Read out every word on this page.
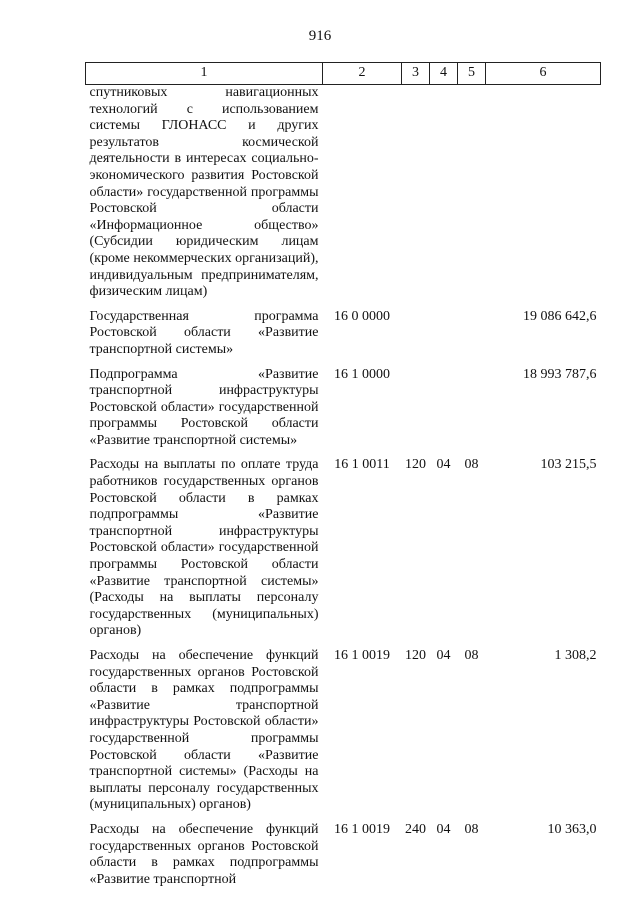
916
1	2	3	4	5	6
спутниковых навигационных технологий с использованием системы ГЛОНАСС и других результатов космической деятельности в интересах социально-экономического развития Ростовской области» государственной программы Ростовской области «Информационное общество» (Субсидии юридическим лицам (кроме некоммерческих организаций), индивидуальным предпринимателям, физическим лицам)					
Государственная программа Ростовской области «Развитие транспортной системы»	16 0 0000				19 086 642,6
Подпрограмма «Развитие транспортной инфраструктуры Ростовской области» государственной программы Ростовской области «Развитие транспортной системы»	16 1 0000				18 993 787,6
Расходы на выплаты по оплате труда работников государственных органов Ростовской области в рамках подпрограммы «Развитие транспортной инфраструктуры Ростовской области» государственной программы Ростовской области «Развитие транспортной системы» (Расходы на выплаты персоналу государственных (муниципальных) органов)	16 1 0011	120	04	08	103 215,5
Расходы на обеспечение функций государственных органов Ростовской области в рамках подпрограммы «Развитие транспортной инфраструктуры Ростовской области» государственной программы Ростовской области «Развитие транспортной системы» (Расходы на выплаты персоналу государственных (муниципальных) органов)	16 1 0019	120	04	08	1 308,2
Расходы на обеспечение функций государственных органов Ростовской области в рамках подпрограммы «Развитие транспортной	16 1 0019	240	04	08	10 363,0
